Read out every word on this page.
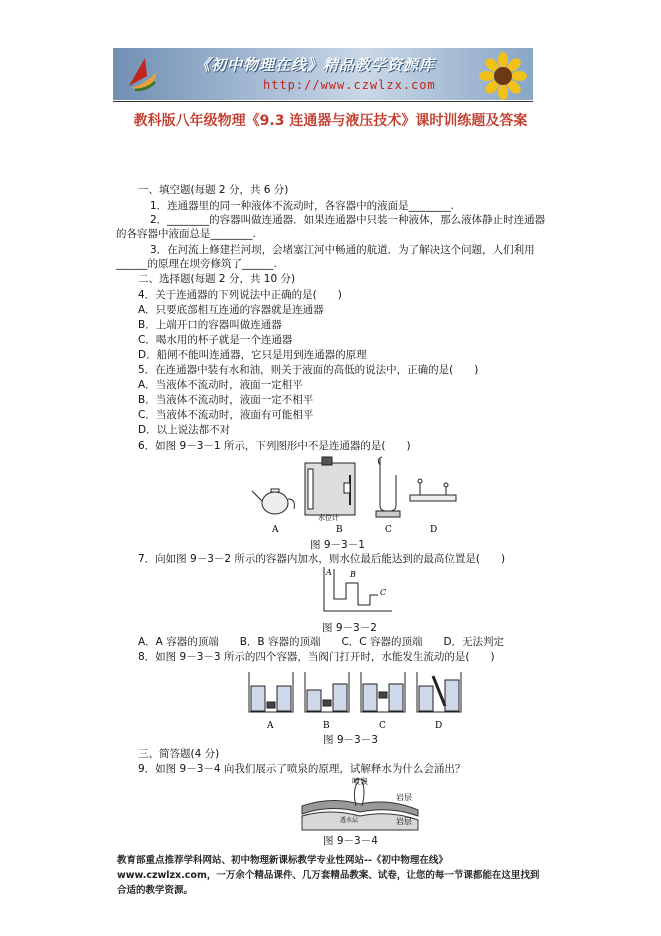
《初中物理在线》精品教学资源库
http://www.czwlzx.com
教科版八年级物理《9.3 连通器与液压技术》课时训练题及答案
一、填空题(每题 2 分，共 6 分)
1．连通器里的同一种液体不流动时，各容器中的液面是________.
2．________的容器叫做连通器．如果连通器中只装一种液体，那么液体静止时连通器
的各容器中液面总是________.
3．在河流上修建拦河坝，会堵塞江河中畅通的航道．为了解决这个问题，人们利用
______的原理在坝旁修筑了______.
二、选择题(每题 2 分，共 10 分)
4．关于连通器的下列说法中正确的是(　　)
A．只要底部相互连通的容器就是连通器
B．上端开口的容器叫做连通器
C．喝水用的杯子就是一个连通器
D．船闸不能叫连通器，它只是用到连通器的原理
5．在连通器中装有水和油，则关于液面的高低的说法中，正确的是(　　)
A．当液体不流动时，液面一定相平
B．当液体不流动时，液面一定不相平
C．当液体不流动时，液面有可能相平
D．以上说法都不对
6．如图 9－3－1 所示，下列图形中不是连通器的是(　　)
水位计
A	B	C	D
图 9－3－1
7．向如图 9－3－2 所示的容器内加水，则水位最后能达到的最高位置是(　　)
A B
C
图 9－3－2
A．A 容器的顶端　　B．B 容器的顶端　　C．C 容器的顶端　　D．无法判定
8．如图 9－3－3 所示的四个容器，当阀门打开时，水能发生流动的是(　　)
A	B	C	D
图 9－3－3
三、简答题(4 分)
9．如图 9－3－4 向我们展示了喷泉的原理，试解释水为什么会涌出？
喷泉
岩层
岩层
透水层
图 9－3－4
教育部重点推荐学科网站、初中物理新课标教学专业性网站--《初中物理在线》www.czwlzx.com，一万余个精品课件、几万套精品教案、试卷，让您的每一节课都能在这里找到合适的教学资源。
